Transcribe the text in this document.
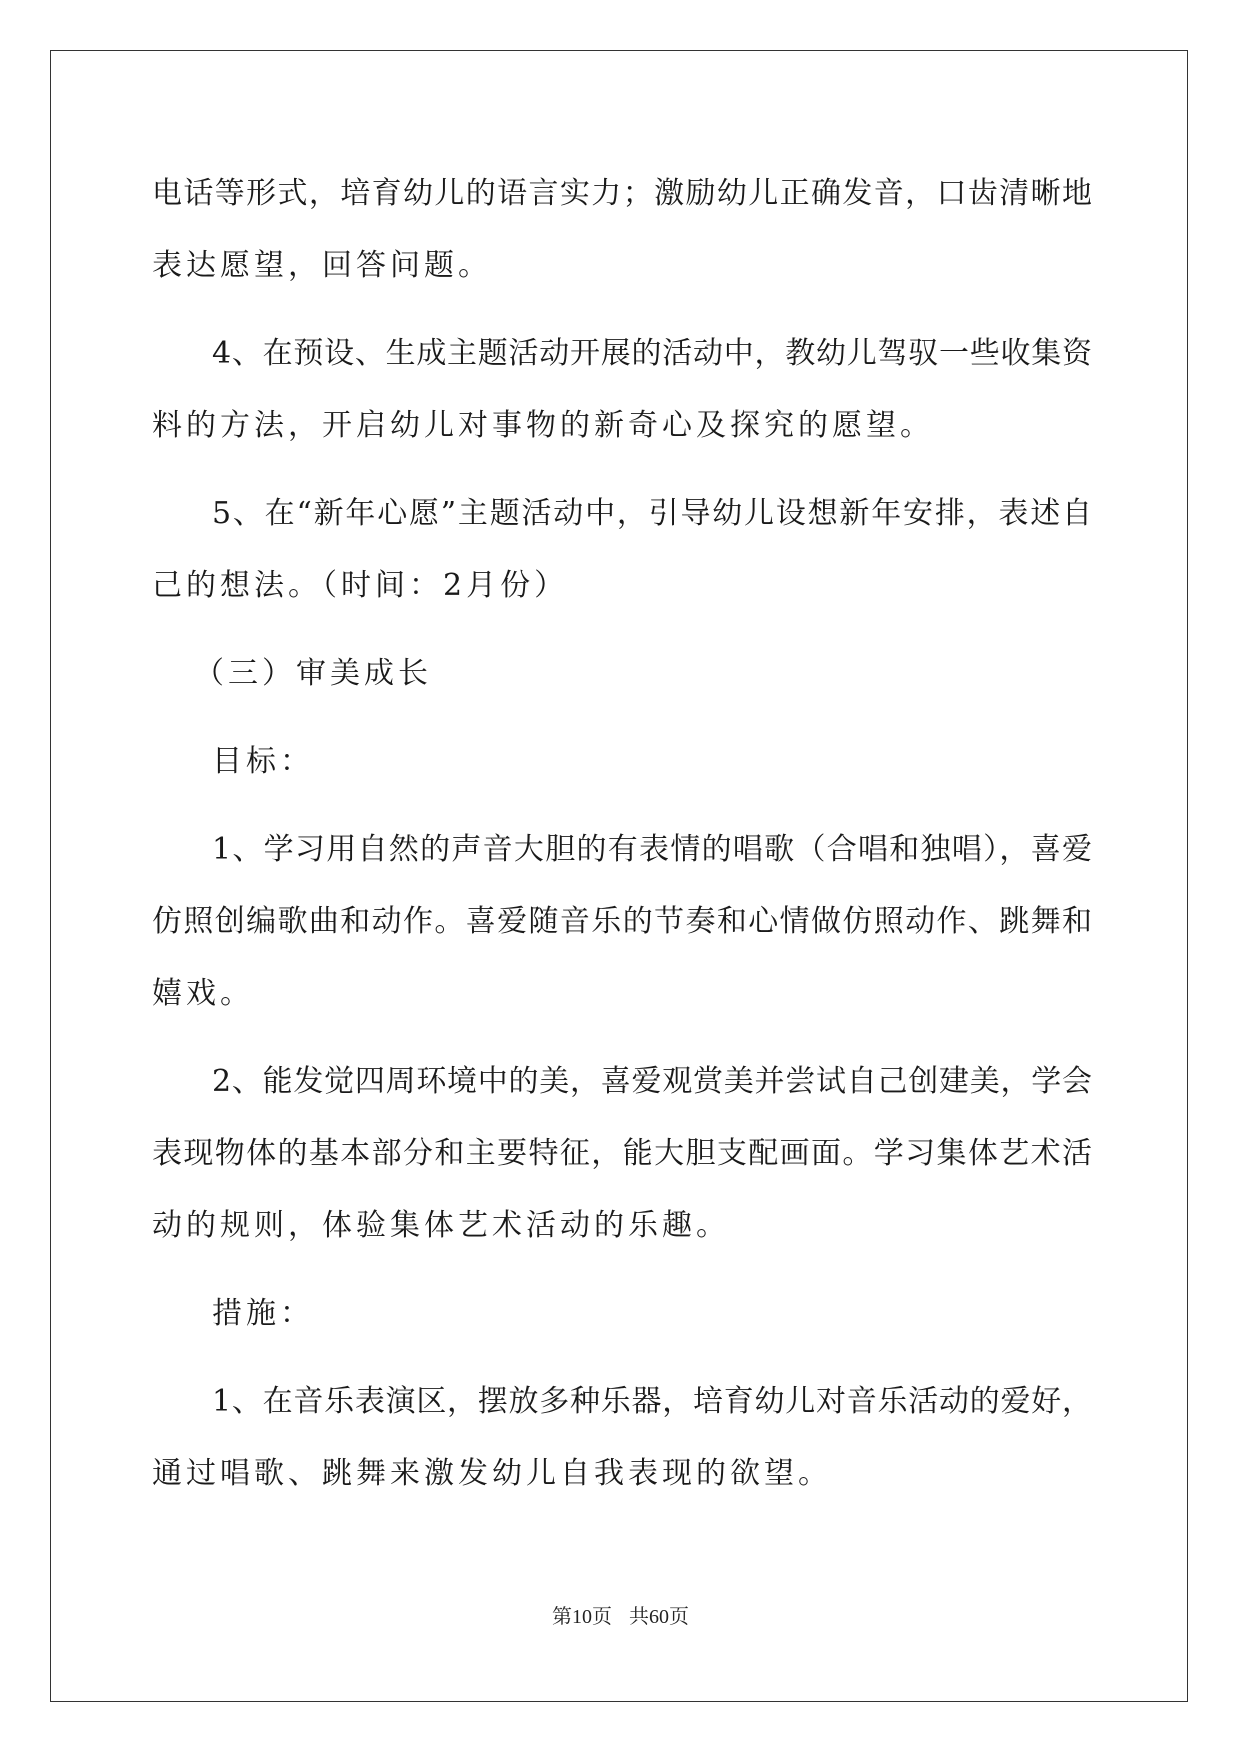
电话等形式，培育幼儿的语言实力；激励幼儿正确发音，口齿清晰地

表达愿望，回答问题。

4、在预设、生成主题活动开展的活动中，教幼儿驾驭一些收集资

料的方法，开启幼儿对事物的新奇心及探究的愿望。

5、在“新年心愿”主题活动中，引导幼儿设想新年安排，表述自

己的想法。（时间：2月份）

（三）审美成长

目标：

1、学习用自然的声音大胆的有表情的唱歌（合唱和独唱），喜爱

仿照创编歌曲和动作。喜爱随音乐的节奏和心情做仿照动作、跳舞和

嬉戏。

2、能发觉四周环境中的美，喜爱观赏美并尝试自己创建美，学会

表现物体的基本部分和主要特征，能大胆支配画面。学习集体艺术活

动的规则，体验集体艺术活动的乐趣。

措施：

1、在音乐表演区，摆放多种乐器，培育幼儿对音乐活动的爱好，

通过唱歌、跳舞来激发幼儿自我表现的欲望。

第10页 共60页
